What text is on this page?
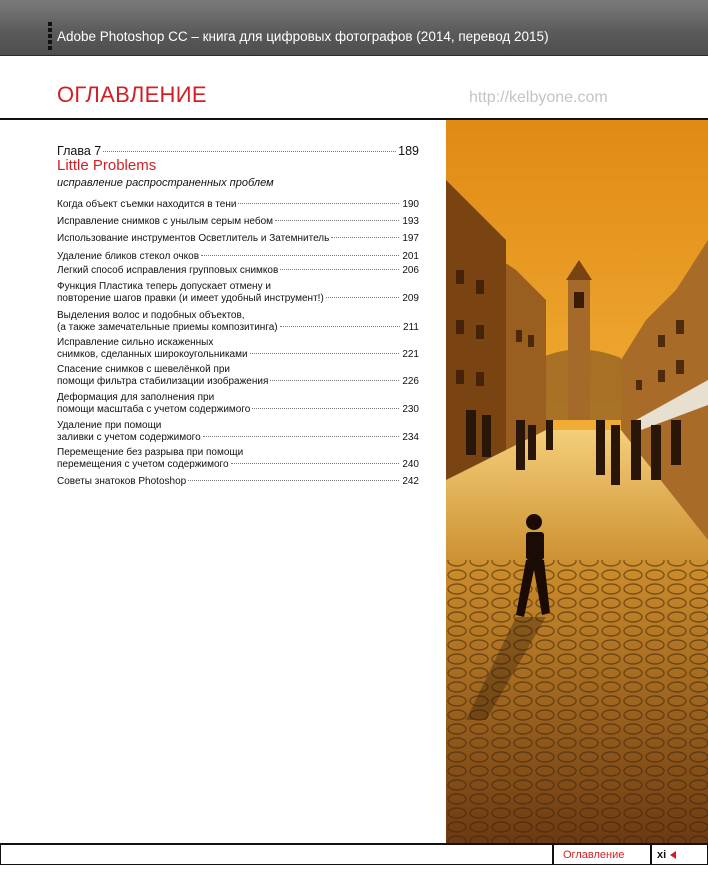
Adobe Photoshop CC – книга для цифровых фотографов (2014, перевод 2015)
ОГЛАВЛЕНИЕ	http://kelbyone.com
Глава 7	189
Little Problems
исправление распространенных проблем
Когда объект съемки находится в тени	190
Исправление снимков с унылым серым небом	193
Использование инструментов Осветлитель и Затемнитель	197
Удаление бликов стекол очков	201
Легкий способ исправления групповых снимков	206
Функция Пластика теперь допускает отмену и
повторение шагов правки (и имеет удобный инструмент!)	209
Выделения волос и подобных объектов,
(а также замечательные приемы композитинга)	211
Исправление сильно искаженных
снимков, сделанных широкоугольниками	221
Спасение снимков с шевелёнкой при
помощи фильтра стабилизации изображения	226
Деформация для заполнения при
помощи масштаба с учетом содержимого	230
Удаление при помощи
заливки с учетом содержимого	234
Перемещение без разрыва при помощи
перемещения с учетом содержимого	240
Советы знатоков Photoshop	242
Оглавление	xi
